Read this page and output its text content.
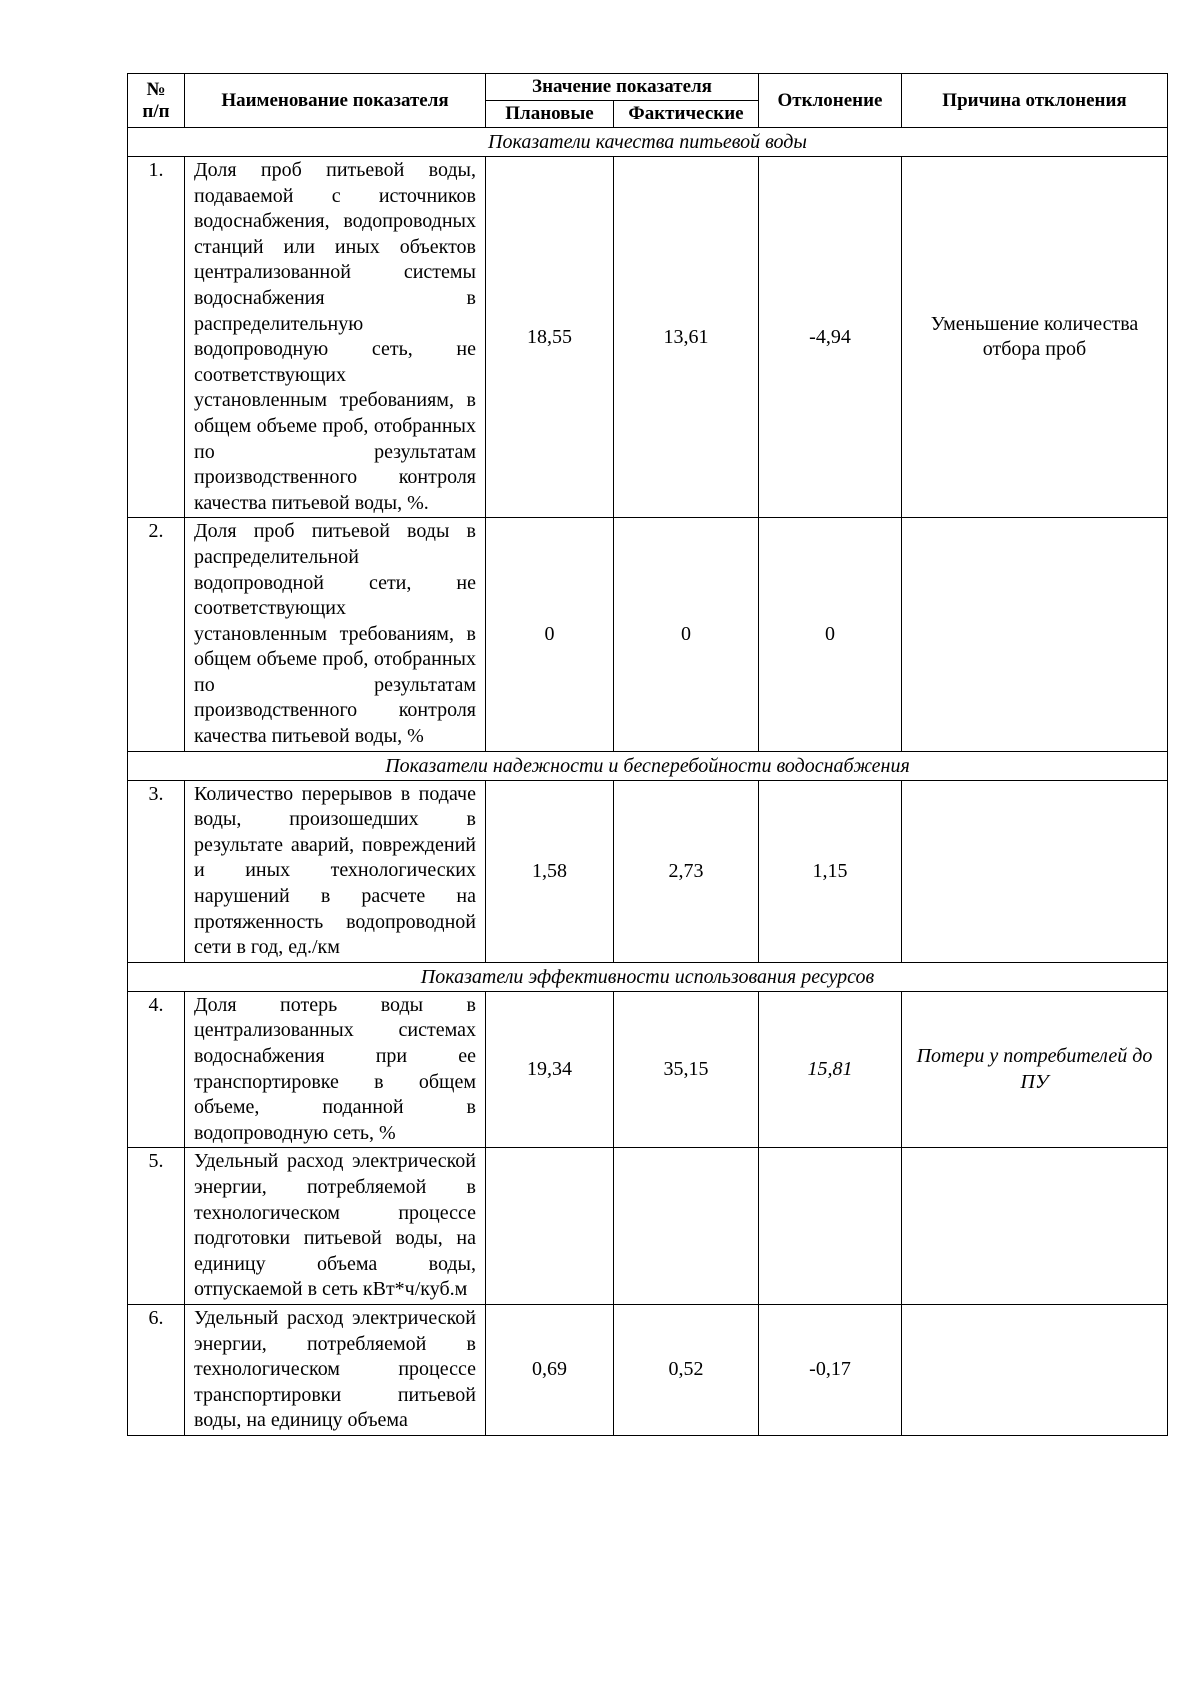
№ п/п	Наименование показателя	Значение показателя		Отклонение	Причина отклонения
		Плановые	Фактические		
Показатели качества питьевой воды					
1.	Доля проб питьевой воды, подаваемой с источников водоснабжения, водопроводных станций или иных объектов централизованной системы водоснабжения в распределительную водопроводную сеть, не соответствующих установленным требованиям, в общем объеме проб, отобранных по результатам производственного контроля качества питьевой воды, %.	18,55	13,61	-4,94	Уменьшение количества отбора проб
2.	Доля проб питьевой воды в распределительной водопроводной сети, не соответствующих установленным требованиям, в общем объеме проб, отобранных по результатам производственного контроля качества питьевой воды, %	0	0	0	
Показатели надежности и бесперебойности водоснабжения					
3.	Количество перерывов в подаче воды, произошедших в результате аварий, повреждений и иных технологических нарушений в расчете на протяженность водопроводной сети в год, ед./км	1,58	2,73	1,15	
Показатели эффективности использования ресурсов					
4.	Доля потерь воды в централизованных системах водоснабжения при ее транспортировке в общем объеме, поданной в водопроводную сеть, %	19,34	35,15	15,81	Потери у потребителей до ПУ
5.	Удельный расход электрической энергии, потребляемой в технологическом процессе подготовки питьевой воды, на единицу объема воды, отпускаемой в сеть кВт*ч/куб.м				
6.	Удельный расход электрической энергии, потребляемой в технологическом процессе транспортировки питьевой воды, на единицу объема	0,69	0,52	-0,17	
